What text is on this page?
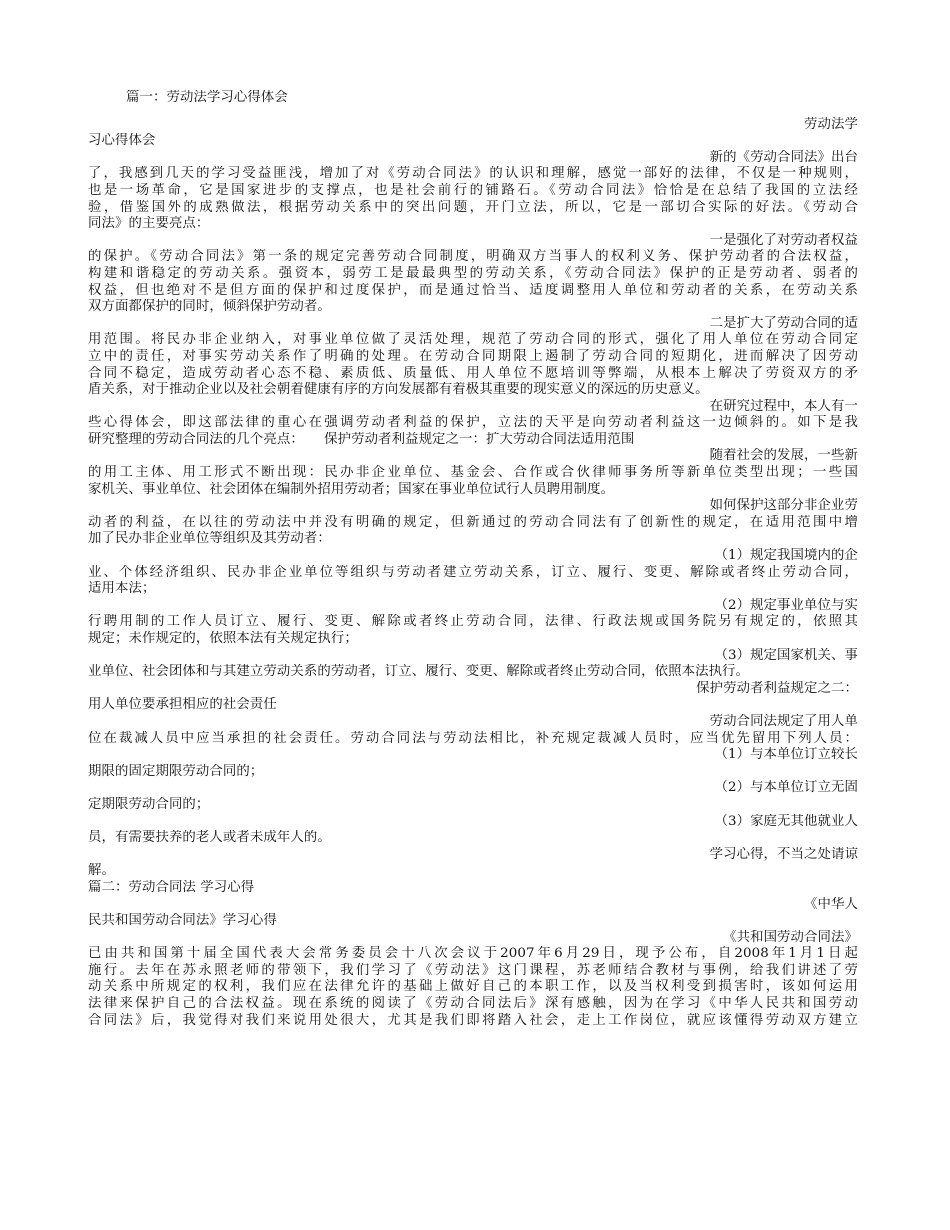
篇一：劳动法学习心得体会
劳动法学
习心得体会
新的《劳动合同法》出台
了，我感到几天的学习受益匪浅，增加了对《劳动合同法》的认识和理解，感觉一部好的法律，不仅是一种规则，
也是一场革命，它是国家进步的支撑点，也是社会前行的铺路石。《劳动合同法》恰恰是在总结了我国的立法经
验，借鉴国外的成熟做法，根据劳动关系中的突出问题，开门立法，所以，它是一部切合实际的好法。《劳动合
同法》的主要亮点：
一是强化了对劳动者权益
的保护。《劳动合同法》第一条的规定完善劳动合同制度，明确双方当事人的权利义务、保护劳动者的合法权益，
构建和谐稳定的劳动关系。强资本，弱劳工是最最典型的劳动关系，《劳动合同法》保护的正是劳动者、弱者的
权益，但也绝对不是但方面的保护和过度保护，而是通过恰当、适度调整用人单位和劳动者的关系，在劳动关系
双方面都保护的同时，倾斜保护劳动者。
二是扩大了劳动合同的适
用范围。将民办非企业纳入，对事业单位做了灵活处理，规范了劳动合同的形式，强化了用人单位在劳动合同定
立中的责任，对事实劳动关系作了明确的处理。在劳动合同期限上遏制了劳动合同的短期化，进而解决了因劳动
合同不稳定，造成劳动者心态不稳、素质低、质量低、用人单位不愿培训等弊端，从根本上解决了劳资双方的矛
盾关系，对于推动企业以及社会朝着健康有序的方向发展都有着极其重要的现实意义的深远的历史意义。
在研究过程中，本人有一
些心得体会，即这部法律的重心在强调劳动者利益的保护，立法的天平是向劳动者利益这一边倾斜的。如下是我
研究整理的劳动合同法的几个亮点：　　保护劳动者利益规定之一：扩大劳动合同法适用范围
随着社会的发展，一些新
的用工主体、用工形式不断出现：民办非企业单位、基金会、合作或合伙律师事务所等新单位类型出现；一些国
家机关、事业单位、社会团体在编制外招用劳动者；国家在事业单位试行人员聘用制度。
如何保护这部分非企业劳
动者的利益，在以往的劳动法中并没有明确的规定，但新通过的劳动合同法有了创新性的规定，在适用范围中增
加了民办非企业单位等组织及其劳动者：
（1）规定我国境内的企
业、个体经济组织、民办非企业单位等组织与劳动者建立劳动关系，订立、履行、变更、解除或者终止劳动合同，
适用本法；
（2）规定事业单位与实
行聘用制的工作人员订立、履行、变更、解除或者终止劳动合同，法律、行政法规或国务院另有规定的，依照其
规定；未作规定的，依照本法有关规定执行；
（3）规定国家机关、事
业单位、社会团体和与其建立劳动关系的劳动者，订立、履行、变更、解除或者终止劳动合同，依照本法执行。
保护劳动者利益规定之二：
用人单位要承担相应的社会责任
劳动合同法规定了用人单
位在裁减人员中应当承担的社会责任。劳动合同法与劳动法相比，补充规定裁减人员时，应当优先留用下列人员：
（1）与本单位订立较长
期限的固定期限劳动合同的；
（2）与本单位订立无固
定期限劳动合同的；
（3）家庭无其他就业人
员，有需要扶养的老人或者未成年人的。
学习心得，不当之处请谅
解。
篇二：劳动合同法 学习心得
《中华人
民共和国劳动合同法》学习心得
《共和国劳动合同法》
已由共和国第十届全国代表大会常务委员会十八次会议于2007年6月29日，现予公布，自2008年1月1日起
施行。去年在苏永照老师的带领下，我们学习了《劳动法》这门课程，苏老师结合教材与事例，给我们讲述了劳
动关系中所规定的权利，我们应在法律允许的基础上做好自己的本职工作，以及当权利受到损害时，该如何运用
法律来保护自己的合法权益。现在系统的阅读了《劳动合同法后》深有感触，因为在学习《中华人民共和国劳动
合同法》后，我觉得对我们来说用处很大，尤其是我们即将踏入社会，走上工作岗位，就应该懂得劳动双方建立
